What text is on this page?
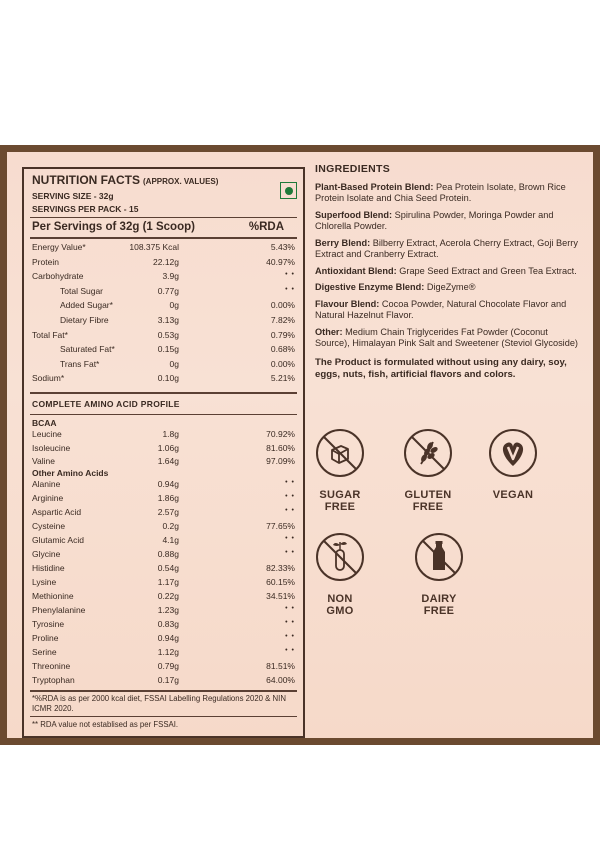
NUTRITION FACTS (APPROX. VALUES)
SERVING SIZE - 32g
SERVINGS PER PACK - 15
Per Servings of 32g (1 Scoop)	%RDA
Energy Value*	108.375 Kcal	5.43%
Protein	22.12g	40.97%
Carbohydrate	3.9g	• •
Total Sugar	0.77g	• •
Added Sugar*	0g	0.00%
Dietary Fibre	3.13g	7.82%
Total Fat*	0.53g	0.79%
Saturated Fat*	0.15g	0.68%
Trans Fat*	0g	0.00%
Sodium*	0.10g	5.21%
COMPLETE AMINO ACID PROFILE
BCAA
Leucine	1.8g	70.92%
Isoleucine	1.06g	81.60%
Valine	1.64g	97.09%
Other Amino Acids
Alanine	0.94g	• •
Arginine	1.86g	• •
Aspartic Acid	2.57g	• •
Cysteine	0.2g	77.65%
Glutamic Acid	4.1g	• •
Glycine	0.88g	• •
Histidine	0.54g	82.33%
Lysine	1.17g	60.15%
Methionine	0.22g	34.51%
Phenylalanine	1.23g	• •
Tyrosine	0.83g	• •
Proline	0.94g	• •
Serine	1.12g	• •
Threonine	0.79g	81.51%
Tryptophan	0.17g	64.00%
*%RDA is as per 2000 kcal diet, FSSAI Labelling Regulations 2020 & NIN ICMR 2020.
** RDA value not establised as per FSSAI.
INGREDIENTS

Plant-Based Protein Blend: Pea Protein Isolate, Brown Rice Protein Isolate and Chia Seed Protein.

Superfood Blend: Spirulina Powder, Moringa Powder and Chlorella Powder.

Berry Blend: Bilberry Extract, Acerola Cherry Extract, Goji Berry Extract and Cranberry Extract.

Antioxidant Blend: Grape Seed Extract and Green Tea Extract.

Digestive Enzyme Blend: DigeZyme®

Flavour Blend: Cocoa Powder, Natural Chocolate Flavor and Natural Hazelnut Flavor.

Other: Medium Chain Triglycerides Fat Powder (Coconut Source), Himalayan Pink Salt and Sweetener (Steviol Glycoside)

The Product is formulated without using any dairy, soy, eggs, nuts, fish, artificial flavors and colors.

SUGAR
FREE
GLUTEN
FREE
VEGAN
NON
GMO
DAIRY
FREE
